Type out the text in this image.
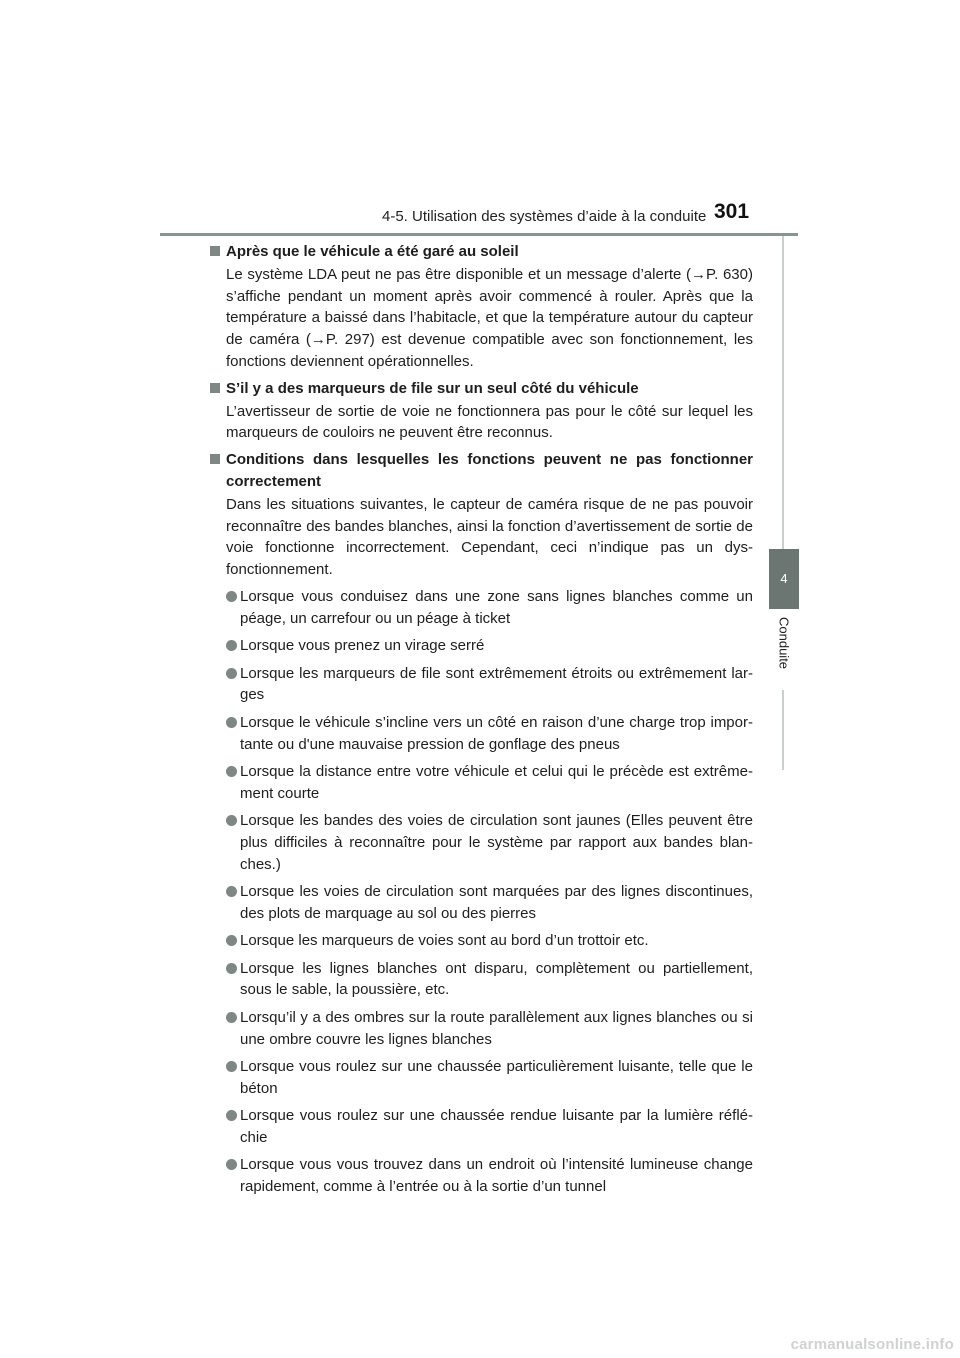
4-5. Utilisation des systèmes d’aide à la conduite 301
4
Conduite
Après que le véhicule a été garé au soleil
Le système LDA peut ne pas être disponible et un message d’alerte (→P. 630) s’affiche pendant un moment après avoir commencé à rouler. Après que la température a baissé dans l’habitacle, et que la température autour du capteur de caméra (→P. 297) est devenue compatible avec son fonctionnement, les fonctions deviennent opérationnelles.
S’il y a des marqueurs de file sur un seul côté du véhicule
L’avertisseur de sortie de voie ne fonctionnera pas pour le côté sur lequel les marqueurs de couloirs ne peuvent être reconnus.
Conditions dans lesquelles les fonctions peuvent ne pas fonctionner correctement
Dans les situations suivantes, le capteur de caméra risque de ne pas pouvoir reconnaître des bandes blanches, ainsi la fonction d’avertissement de sortie de voie fonctionne incorrectement. Cependant, ceci n’indique pas un dysfonctionnement.
Lorsque vous conduisez dans une zone sans lignes blanches comme un péage, un carrefour ou un péage à ticket
Lorsque vous prenez un virage serré
Lorsque les marqueurs de file sont extrêmement étroits ou extrêmement larges
Lorsque le véhicule s’incline vers un côté en raison d’une charge trop importante ou d'une mauvaise pression de gonflage des pneus
Lorsque la distance entre votre véhicule et celui qui le précède est extrêmement courte
Lorsque les bandes des voies de circulation sont jaunes (Elles peuvent être plus difficiles à reconnaître pour le système par rapport aux bandes blanches.)
Lorsque les voies de circulation sont marquées par des lignes discontinues, des plots de marquage au sol ou des pierres
Lorsque les marqueurs de voies sont au bord d’un trottoir etc.
Lorsque les lignes blanches ont disparu, complètement ou partiellement, sous le sable, la poussière, etc.
Lorsqu’il y a des ombres sur la route parallèlement aux lignes blanches ou si une ombre couvre les lignes blanches
Lorsque vous roulez sur une chaussée particulièrement luisante, telle que le béton
Lorsque vous roulez sur une chaussée rendue luisante par la lumière réfléchie
Lorsque vous vous trouvez dans un endroit où l’intensité lumineuse change rapidement, comme à l’entrée ou à la sortie d’un tunnel
carmanualsonline.info
